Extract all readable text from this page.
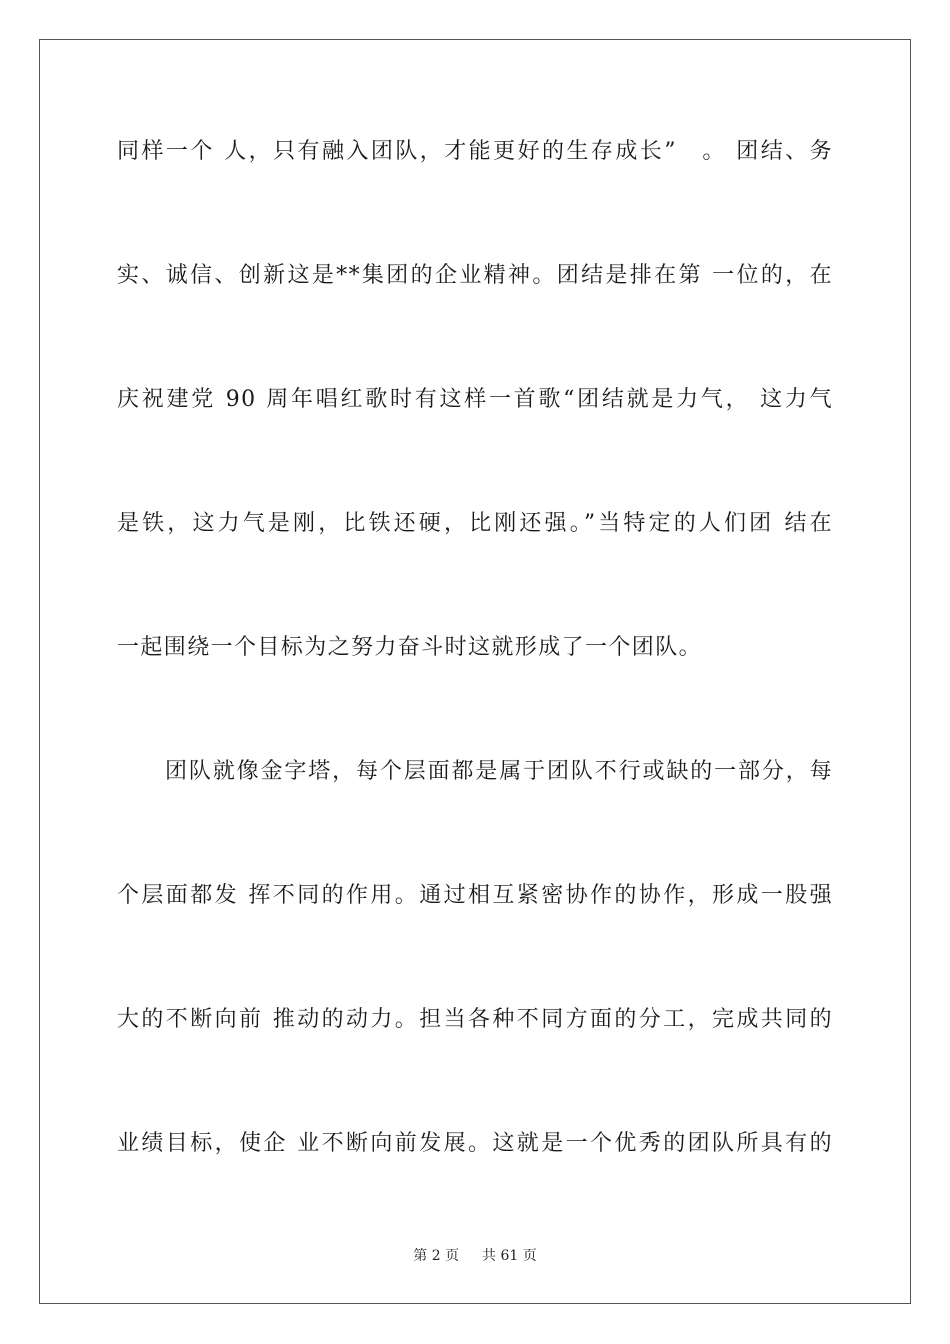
同样一个 人，只有融入团队，才能更好的生存成长”　。 团结、务
实、诚信、创新这是**集团的企业精神。团结是排在第 一位的，在
庆祝建党 90 周年唱红歌时有这样一首歌“团结就是力气， 这力气
是铁，这力气是刚，比铁还硬，比刚还强。”当特定的人们团 结在
一起围绕一个目标为之努力奋斗时这就形成了一个团队。
团队就像金字塔，每个层面都是属于团队不行或缺的一部分，每
个层面都发 挥不同的作用。通过相互紧密协作的协作，形成一股强
大的不断向前 推动的动力。担当各种不同方面的分工，完成共同的
业绩目标，使企 业不断向前发展。这就是一个优秀的团队所具有的
第 2 页 共 61 页
